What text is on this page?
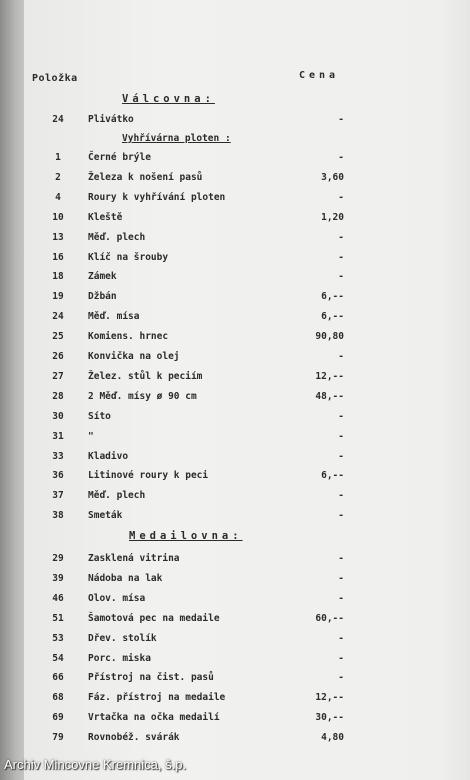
Položka	Cena
Válcovna:
24	Plivátko	-
Vyhřívárna ploten :
1	Černé brýle	-
2	Železa k nošení pasů	3,60
4	Roury k vyhřívání ploten	-
10	Kleště	1,20
13	Měď. plech	-
16	Klíč na šrouby	-
18	Zámek	-
19	Džbán	6,--
24	Měď. mísa	6,--
25	Komiens. hrnec	90,80
26	Konvička na olej	-
27	Želez. stůl k peciím	12,--
28	2 Měď. mísy ø 90 cm	48,--
30	Síto	-
31	"	-
33	Kladivo	-
36	Litinové roury k peci	6,--
37	Měď. plech	-
38	Smeták	-
Medailovna:
29	Zasklená vitrina	-
39	Nádoba na lak	-
46	Olov. mísa	-
51	Šamotová pec na medaile	60,--
53	Dřev. stolík	-
54	Porc. miska	-
66	Přístroj na čist. pasů	-
68	Fáz. přístroj na medaile	12,--
69	Vrtačka na očka medailí	30,--
79	Rovnobéž. svárák	4,80
Archiv Mincovne Kremnica, š.p.
